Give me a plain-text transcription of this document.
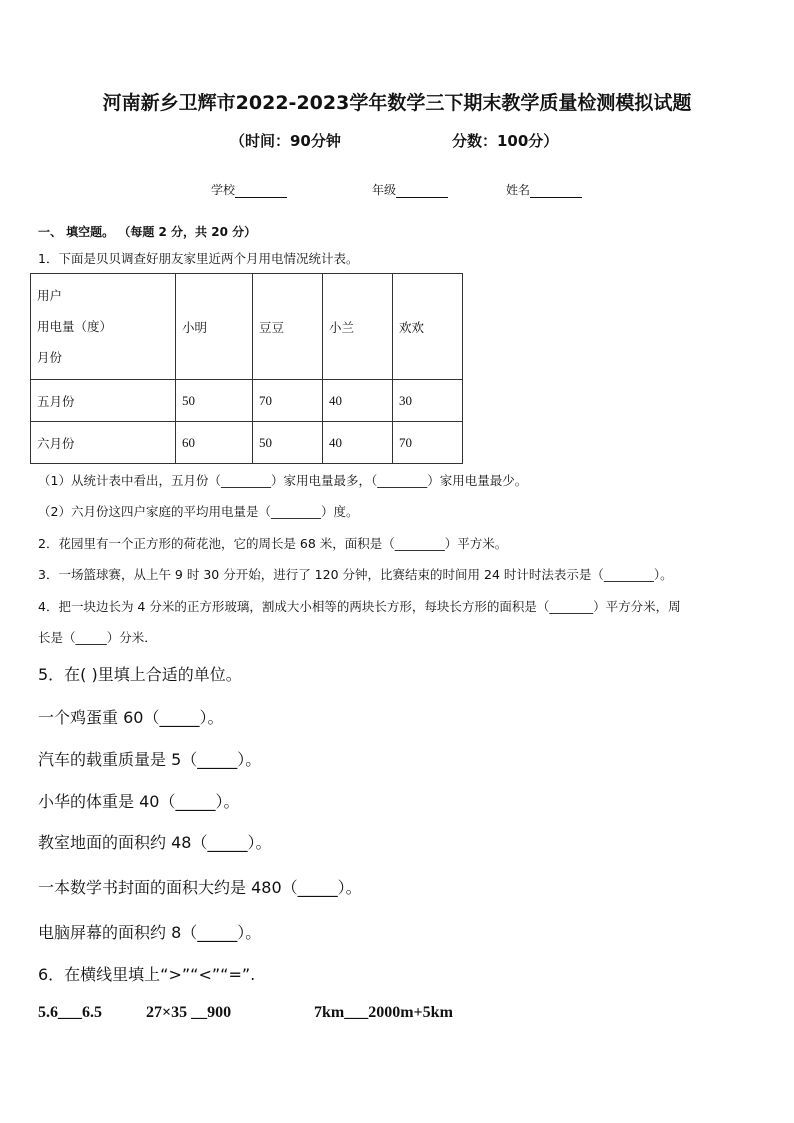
河南新乡卫辉市2022-2023学年数学三下期末教学质量检测模拟试题
（时间：90分钟	分数：100分）
学校	年级	姓名
一、 填空题。 （每题 2 分，共 20 分）
1．下面是贝贝调查好朋友家里近两个月用电情况统计表。
用户
用电量（度）
月份	小明	豆豆	小兰	欢欢
五月份	50	70	40	30
六月份	60	50	40	70
（1）从统计表中看出，五月份（________）家用电量最多，（________）家用电量最少。
（2）六月份这四户家庭的平均用电量是（________）度。
2．花园里有一个正方形的荷花池，它的周长是 68 米，面积是（________）平方米。
3．一场篮球赛，从上午 9 时 30 分开始，进行了 120 分钟，比赛结束的时间用 24 时计时法表示是（________）。
4．把一块边长为 4 分米的正方形玻璃，割成大小相等的两块长方形，每块长方形的面积是（_______）平方分米，周
长是（_____）分米．
5．在( )里填上合适的单位。
一个鸡蛋重 60（_____）。
汽车的载重质量是 5（_____）。
小华的体重是 40（_____）。
教室地面的面积约 48（_____）。
一本数学书封面的面积大约是 480（_____）。
电脑屏幕的面积约 8（_____）。
6．在横线里填上“>”“<”“=”.
5.6___6.5	27×35 __900	7km___2000m+5km
